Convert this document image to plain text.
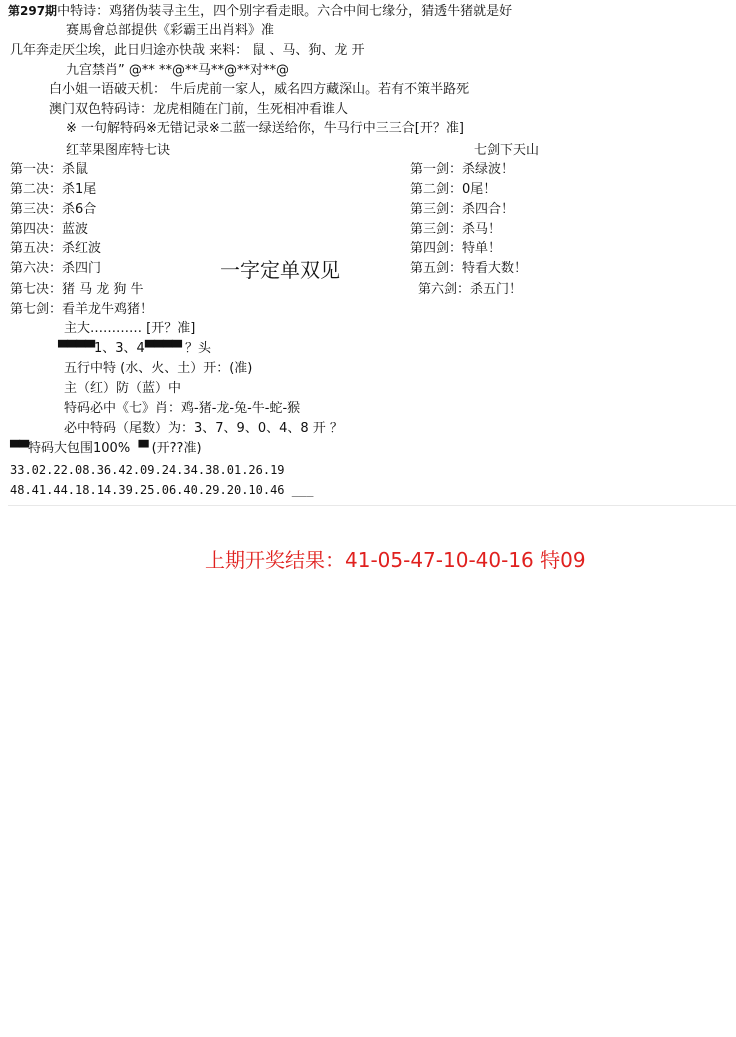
第297期中特诗：鸡猪伪装寻主生，四个别字看走眼。六合中间七缘分，猜透牛猪就是好
赛馬會总部提供《彩霸王出肖料》准
几年奔走厌尘埃，此日归途亦快哉 来料： 鼠 、马、狗、龙 开
九宫禁肖” @** **@**马**@**对**@
白小姐一语破天机： 牛后虎前一家人，威名四方藏深山。若有不策半路死
澳门双色特码诗：龙虎相随在门前，生死相冲看谁人
※ 一句解特码※无错记录※二蓝一绿送给你，牛马行中三三合[开？准]
红苹果图库特七诀	七剑下天山
第一决：杀鼠
第二决：杀1尾
第三决：杀6合
第四决：蓝波
第五决：杀红波
第六决：杀四门
第七决：猪 马 龙 狗 牛
第七剑：看羊龙牛鸡猪！
一字定单双见
第一剑：杀绿波！
第二剑：0尾！
第三剑：杀四合！
第三剑：杀马！
第四剑：特单！
第五剑：特看大数！
第六剑：杀五门！
主大………… [开？准]
▀▀▀▀1、3、4▀▀▀▀ ？头
五行中特 (水、火、土）开：(准)
主（红）防（蓝）中
特码必中《七》肖：鸡-猪-龙-兔-牛-蛇-猴
必中特码（尾数）为：3、7、9、0、4、8 开 ？
▀▀特码大包围100% ▀ (开??准)
33.02.22.08.36.42.09.24.34.38.01.26.19
48.41.44.18.14.39.25.06.40.29.20.10.46 ___
上期开奖结果：41-05-47-10-40-16 特09
